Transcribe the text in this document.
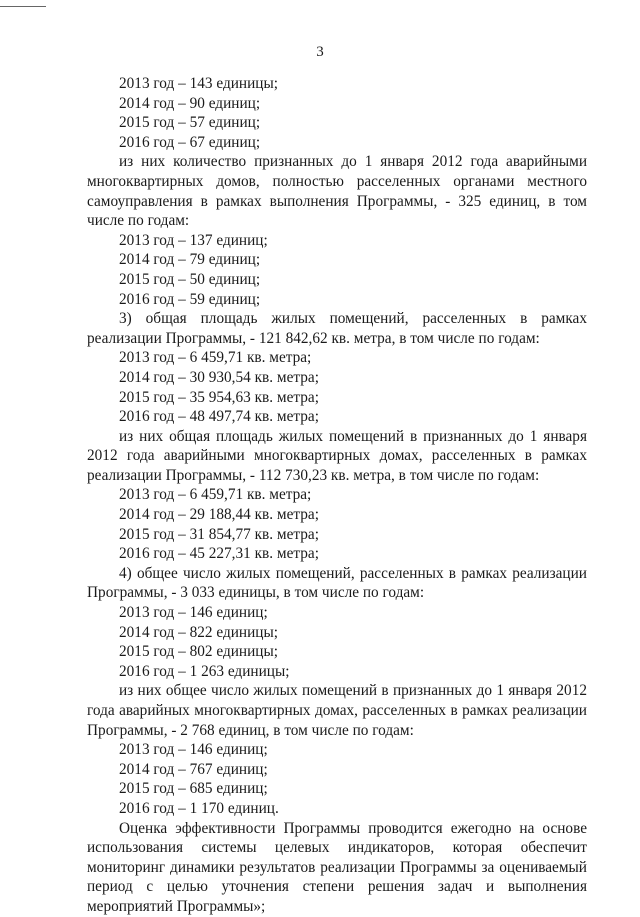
3

2013 год – 143 единицы;

2014 год – 90 единиц;

2015 год – 57 единиц;

2016 год – 67 единиц;

из них количество признанных до 1 января 2012 года аварийными многоквартирных домов, полностью расселенных органами местного самоуправления в рамках выполнения Программы, - 325 единиц, в том числе по годам:

2013 год – 137 единиц;

2014 год – 79 единиц;

2015 год – 50 единиц;

2016 год – 59 единиц;

3) общая площадь жилых помещений, расселенных в рамках реализации Программы, - 121 842,62 кв. метра, в том числе по годам:

2013 год – 6 459,71 кв. метра;

2014 год – 30 930,54 кв. метра;

2015 год – 35 954,63 кв. метра;

2016 год – 48 497,74 кв. метра;

из них общая площадь жилых помещений в признанных до 1 января 2012 года аварийными многоквартирных домах, расселенных в рамках реализации Программы, - 112 730,23 кв. метра, в том числе по годам:

2013 год – 6 459,71 кв. метра;

2014 год – 29 188,44 кв. метра;

2015 год – 31 854,77 кв. метра;

2016 год – 45 227,31 кв. метра;

4) общее число жилых помещений, расселенных в рамках реализации Программы, - 3 033 единицы, в том числе по годам:

2013 год – 146 единиц;

2014 год – 822 единицы;

2015 год – 802 единицы;

2016 год – 1 263 единицы;

из них общее число жилых помещений в признанных до 1 января 2012 года аварийных многоквартирных домах, расселенных в рамках реализации Программы, - 2 768 единиц, в том числе по годам:

2013 год – 146 единиц;

2014 год – 767 единиц;

2015 год – 685 единиц;

2016 год – 1 170 единиц.

Оценка эффективности Программы проводится ежегодно на основе использования системы целевых индикаторов, которая обеспечит мониторинг динамики результатов реализации Программы за оцениваемый период с целью уточнения степени решения задач и выполнения мероприятий Программы»;
